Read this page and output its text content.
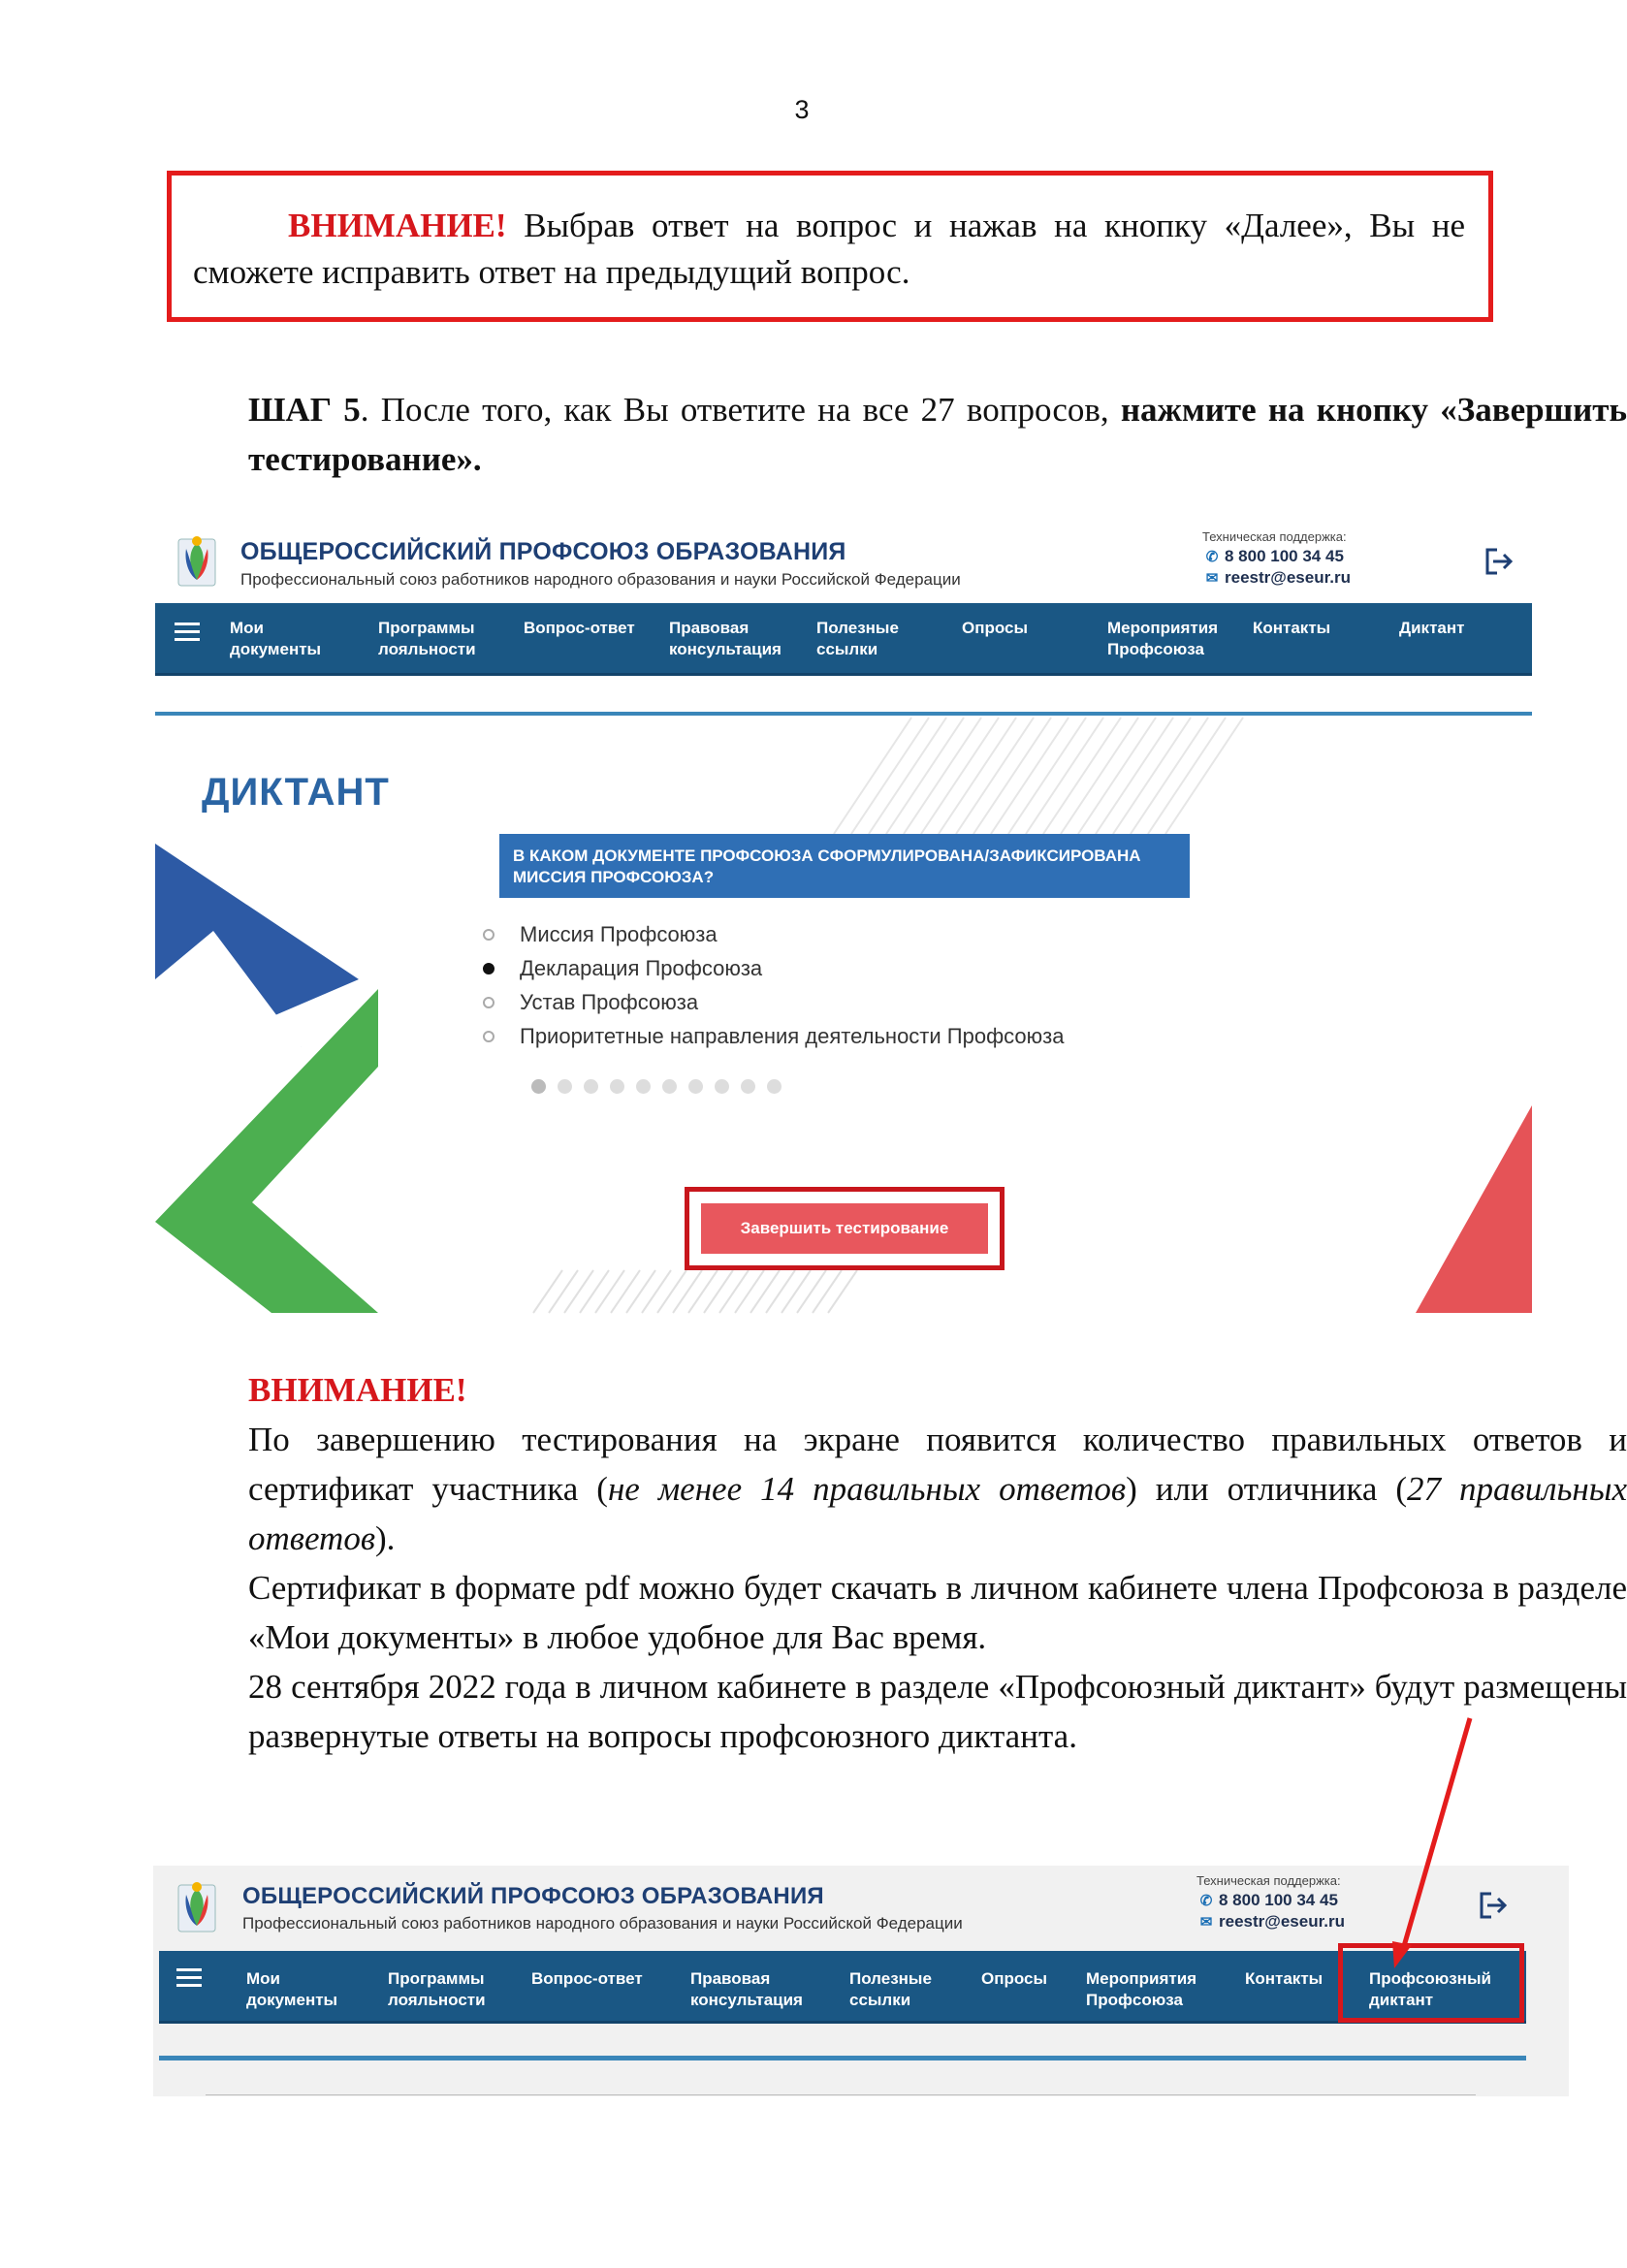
3

ВНИМАНИЕ! Выбрав ответ на вопрос и нажав на кнопку «Далее», Вы не сможете исправить ответ на предыдущий вопрос.

ШАГ 5. После того, как Вы ответите на все 27 вопросов, нажмите на кнопку «Завершить тестирование».

ОБЩЕРОССИЙСКИЙ ПРОФСОЮЗ ОБРАЗОВАНИЯ
Профессиональный союз работников народного образования и науки Российской Федерации
Техническая поддержка:
✆ 8 800 100 34 45
✉ reestr@eseur.ru
Мои
документы
Программы
лояльности
Вопрос-ответ Правовая
консультация
Полезные
ссылки
Опросы	Мероприятия
Профсоюза
Контакты	Диктант
ДИКТАНТ
В КАКОМ ДОКУМЕНТЕ ПРОФСОЮЗА СФОРМУЛИРОВАНА/ЗАФИКСИРОВАНА МИССИЯ ПРОФСОЮЗА?
Миссия Профсоюза
Декларация Профсоюза
Устав Профсоюза
Приоритетные направления деятельности Профсоюза
Завершить тестирование

ВНИМАНИЕ!

По завершению тестирования на экране появится количество правильных ответов и сертификат участника (не менее 14 правильных ответов) или отличника (27 правильных ответов).

Сертификат в формате pdf можно будет скачать в личном кабинете члена Профсоюза в разделе «Мои документы» в любое удобное для Вас время.

28 сентября 2022 года в личном кабинете в разделе «Профсоюзный диктант» будут размещены развернутые ответы на вопросы профсоюзного диктанта.

ОБЩЕРОССИЙСКИЙ ПРОФСОЮЗ ОБРАЗОВАНИЯ
Профессиональный союз работников народного образования и науки Российской Федерации
Техническая поддержка:
✆ 8 800 100 34 45
✉ reestr@eseur.ru
Мои
документы
Программы
лояльности
Вопрос-ответ	Правовая
консультация
Полезные
ссылки
Опросы Мероприятия
Профсоюза
Контакты	Профсоюзный
диктант
